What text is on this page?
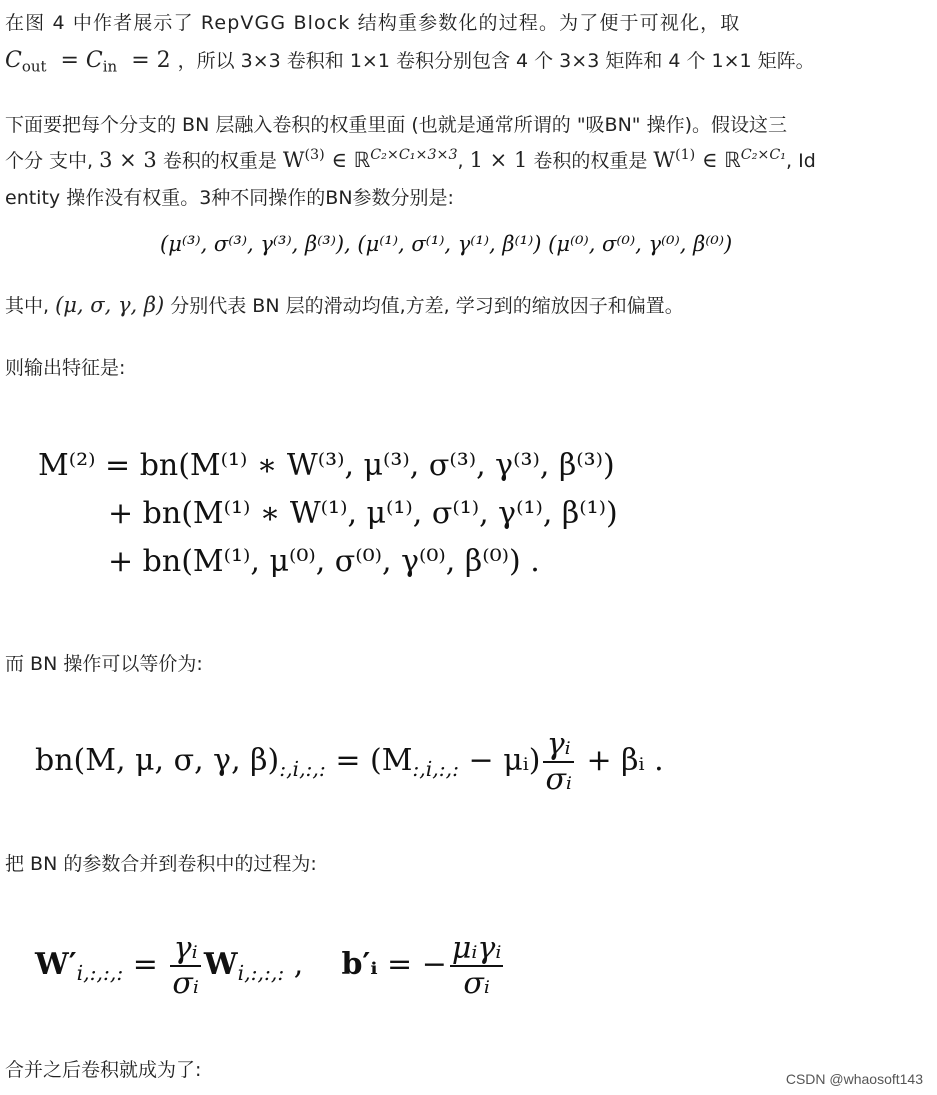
在图 4 中作者展示了 RepVGG Block 结构重参数化的过程。为了便于可视化，取
$C_{out} = C_{in} = 2$ ，所以 3×3 卷积和 1×1 卷积分别包含 4 个 3×3 矩阵和 4 个 1×1 矩阵。
下面要把每个分支的 BN 层融入卷积的权重里面 (也就是通常所谓的 "吸BN" 操作)。假设这三
个分 支中, 3 × 3 卷积的权重是 $W^{(3)}$ ∈ ℝ$^{C_2\times C_1\times 3\times 3}$, 1 × 1 卷积的权重是 $W^{(1)}$ ∈ ℝ$^{C_2\times C_1}$, Id
entity 操作没有权重。3种不同操作的BN参数分别是:
(μ⁽³⁾, σ⁽³⁾, γ⁽³⁾, β⁽³⁾), (μ⁽¹⁾, σ⁽¹⁾, γ⁽¹⁾, β⁽¹⁾) (μ⁽⁰⁾, σ⁽⁰⁾, γ⁽⁰⁾, β⁽⁰⁾)
其中, (μ, σ, γ, β) 分别代表 BN 层的滑动均值,方差, 学习到的缩放因子和偏置。
则输出特征是:
M⁽²⁾ = bn(M⁽¹⁾ ∗ W⁽³⁾, μ⁽³⁾, σ⁽³⁾, γ⁽³⁾, β⁽³⁾)
+ bn(M⁽¹⁾ ∗ W⁽¹⁾, μ⁽¹⁾, σ⁽¹⁾, γ⁽¹⁾, β⁽¹⁾)
+ bn(M⁽¹⁾, μ⁽⁰⁾, σ⁽⁰⁾, γ⁽⁰⁾, β⁽⁰⁾) .
而 BN 操作可以等价为:
bn(M, μ, σ, γ, $\beta)_{:,i,:,:} = (M_{:,i,:,:}$ − μᵢ) $\frac{\text{γᵢ}}{\text{σᵢ}}$ + βᵢ .
把 BN 的参数合并到卷积中的过程为:
$W'_{i,:,:,:} = \frac{\text{γᵢ}}{\text{σᵢ}} W_{i,:,:,:}$ , b′ᵢ = − $\frac{\text{μᵢγᵢ}}{\text{σᵢ}}$
合并之后卷积就成为了:	CSDN @whaosoft143
